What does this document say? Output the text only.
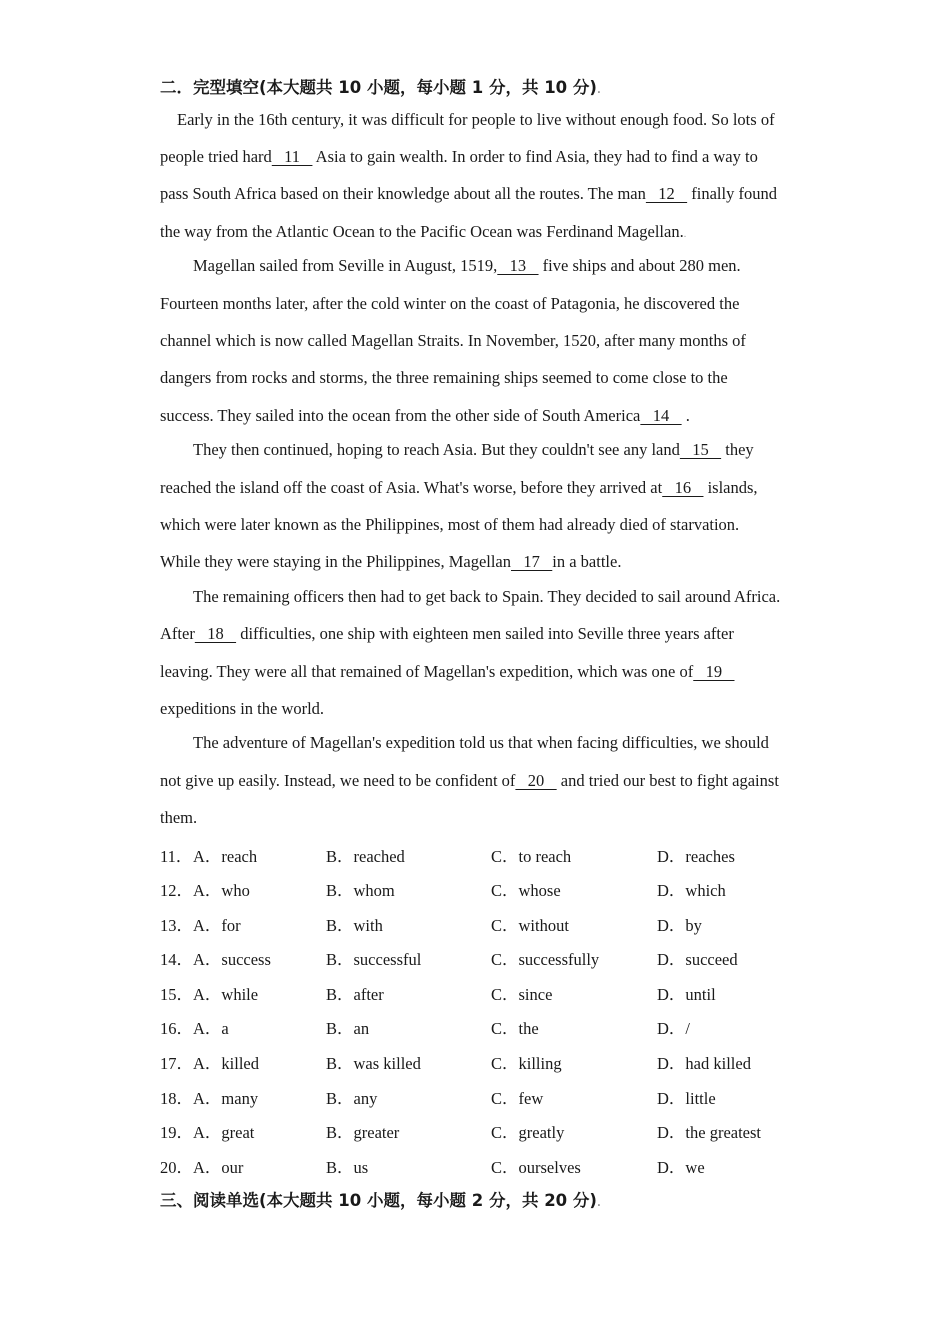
二．完型填空(本大题共 10 小题，每小题 1 分，共 10 分).
Early in the 16th century, it was difficult for people to live without enough food. So lots of
people tried hard   11    Asia to gain wealth. In order to find Asia, they had to find a way to
pass South Africa based on their knowledge about all the routes. The man   12    finally found
the way from the Atlantic Ocean to the Pacific Ocean was Ferdinand Magellan..
Magellan sailed from Seville in August, 1519,   13    five ships and about 280 men.
Fourteen months later, after the cold winter on the coast of Patagonia, he discovered the
channel which is now called Magellan Straits. In November, 1520, after many months of
dangers from rocks and storms, the three remaining ships seemed to come close to the
success. They sailed into the ocean from the other side of South America   14    .
They then continued, hoping to reach Asia. But they couldn't see any land   15    they
reached the island off the coast of Asia. What's worse, before they arrived at   16    islands,
which were later known as the Philippines, most of them had already died of starvation.
While they were staying in the Philippines, Magellan   17   in a battle.
The remaining officers then had to get back to Spain. They decided to sail around Africa.
After   18    difficulties, one ship with eighteen men sailed into Seville three years after
leaving. They were all that remained of Magellan's expedition, which was one of   19
expeditions in the world.
The adventure of Magellan's expedition told us that when facing difficulties, we should
not give up easily. Instead, we need to be confident of   20    and tried our best to fight against
them.
11． A．reach	B．reached	C．to reach	D．reaches
12． A．who	B．whom	C．whose	D．which
13． A．for	B．with	C．without	D．by
14． A．success	B．successful	C．successfully	D．succeed
15． A．while	B．after	C．since	D．until
16． A．a	B．an	C．the	D．/
17． A．killed	B．was killed	C．killing	D．had killed
18． A．many	B．any	C．few	D．little
19． A．great	B．greater	C．greatly	D．the greatest
20． A．our	B．us	C．ourselves	D．we
三、阅读单选(本大题共 10 小题，每小题 2 分，共 20 分).
